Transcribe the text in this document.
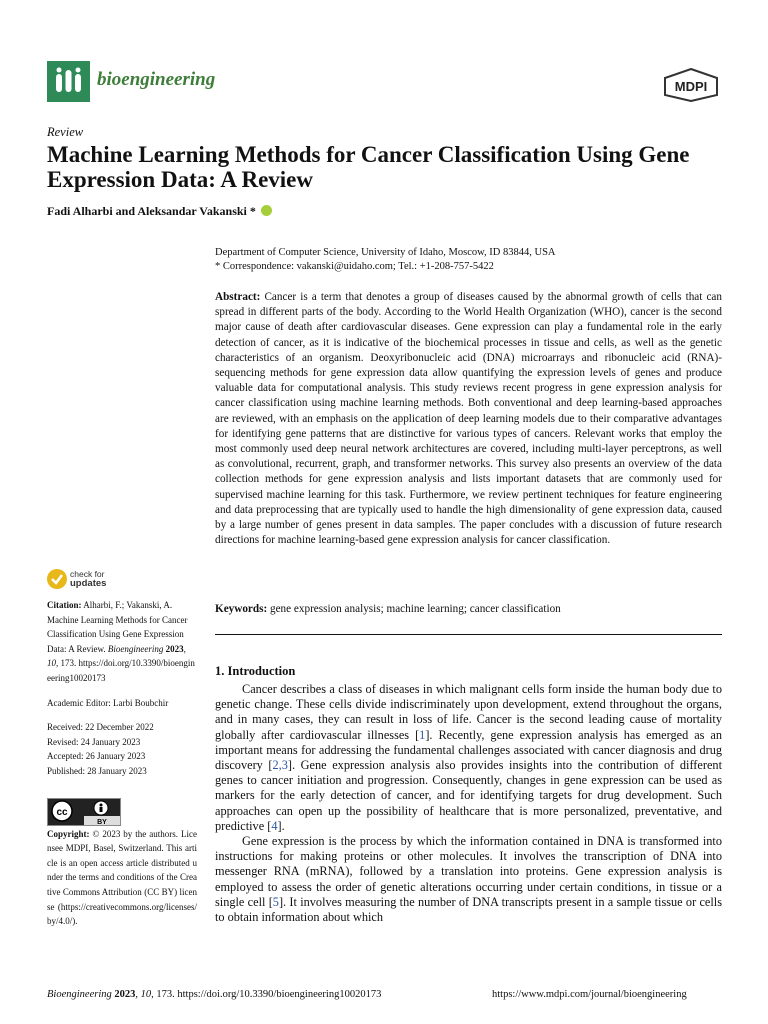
bioengineering	MDPI
Review
Machine Learning Methods for Cancer Classification Using Gene Expression Data: A Review
Fadi Alharbi and Aleksandar Vakanski *
Department of Computer Science, University of Idaho, Moscow, ID 83844, USA
* Correspondence: vakanski@uidaho.com; Tel.: +1-208-757-5422
Abstract: Cancer is a term that denotes a group of diseases caused by the abnormal growth of cells that can spread in different parts of the body. According to the World Health Organization (WHO), cancer is the second major cause of death after cardiovascular diseases. Gene expression can play a fundamental role in the early detection of cancer, as it is indicative of the biochemical processes in tissue and cells, as well as the genetic characteristics of an organism. Deoxyribonucleic acid (DNA) microarrays and ribonucleic acid (RNA)-sequencing methods for gene expression data allow quantifying the expression levels of genes and produce valuable data for computational analysis. This study reviews recent progress in gene expression analysis for cancer classification using machine learning methods. Both conventional and deep learning-based approaches are reviewed, with an emphasis on the application of deep learning models due to their comparative advantages for identifying gene patterns that are distinctive for various types of cancers. Relevant works that employ the most commonly used deep neural network architectures are covered, including multi-layer perceptrons, as well as convolutional, recurrent, graph, and transformer networks. This survey also presents an overview of the data collection methods for gene expression analysis and lists important datasets that are commonly used for supervised machine learning for this task. Furthermore, we review pertinent techniques for feature engineering and data preprocessing that are typically used to handle the high dimensionality of gene expression data, caused by a large number of genes present in data samples. The paper concludes with a discussion of future research directions for machine learning-based gene expression analysis for cancer classification.
Keywords: gene expression analysis; machine learning; cancer classification
check for
updates

Citation: Alharbi, F.; Vakanski, A. Machine Learning Methods for Cancer Classification Using Gene Expression Data: A Review. Bioengineering 2023, 10, 173. https://doi.org/10.3390/bioengineering10020173

Academic Editor: Larbi Boubchir

Received: 22 December 2022

Revised: 24 January 2023

Accepted: 26 January 2023

Published: 28 January 2023

Copyright: © 2023 by the authors. Licensee MDPI, Basel, Switzerland. This article is an open access article distributed under the terms and conditions of the Creative Commons Attribution (CC BY) license (https://creativecommons.org/licenses/by/4.0/).

cc
BY
1. Introduction

Cancer describes a class of diseases in which malignant cells form inside the human body due to genetic change. These cells divide indiscriminately upon development, extend throughout the organs, and in many cases, they can result in loss of life. Cancer is the second leading cause of mortality globally after cardiovascular illnesses [1]. Recently, gene expression analysis has emerged as an important means for addressing the fundamental challenges associated with cancer diagnosis and drug discovery [2,3]. Gene expression analysis also provides insights into the contribution of different genes to cancer initiation and progression. Consequently, changes in gene expression can be used as markers for the early detection of cancer, and for identifying targets for drug development. Such approaches can open up the possibility of healthcare that is more personalized, preventative, and predictive [4].

Gene expression is the process by which the information contained in DNA is transformed into instructions for making proteins or other molecules. It involves the transcription of DNA into messenger RNA (mRNA), followed by a translation into proteins. Gene expression analysis is employed to assess the order of genetic alterations occurring under certain conditions, in tissue or a single cell [5]. It involves measuring the number of DNA transcripts present in a sample tissue or cells to obtain information about which

Bioengineering 2023, 10, 173. https://doi.org/10.3390/bioengineering10020173	https://www.mdpi.com/journal/bioengineering
